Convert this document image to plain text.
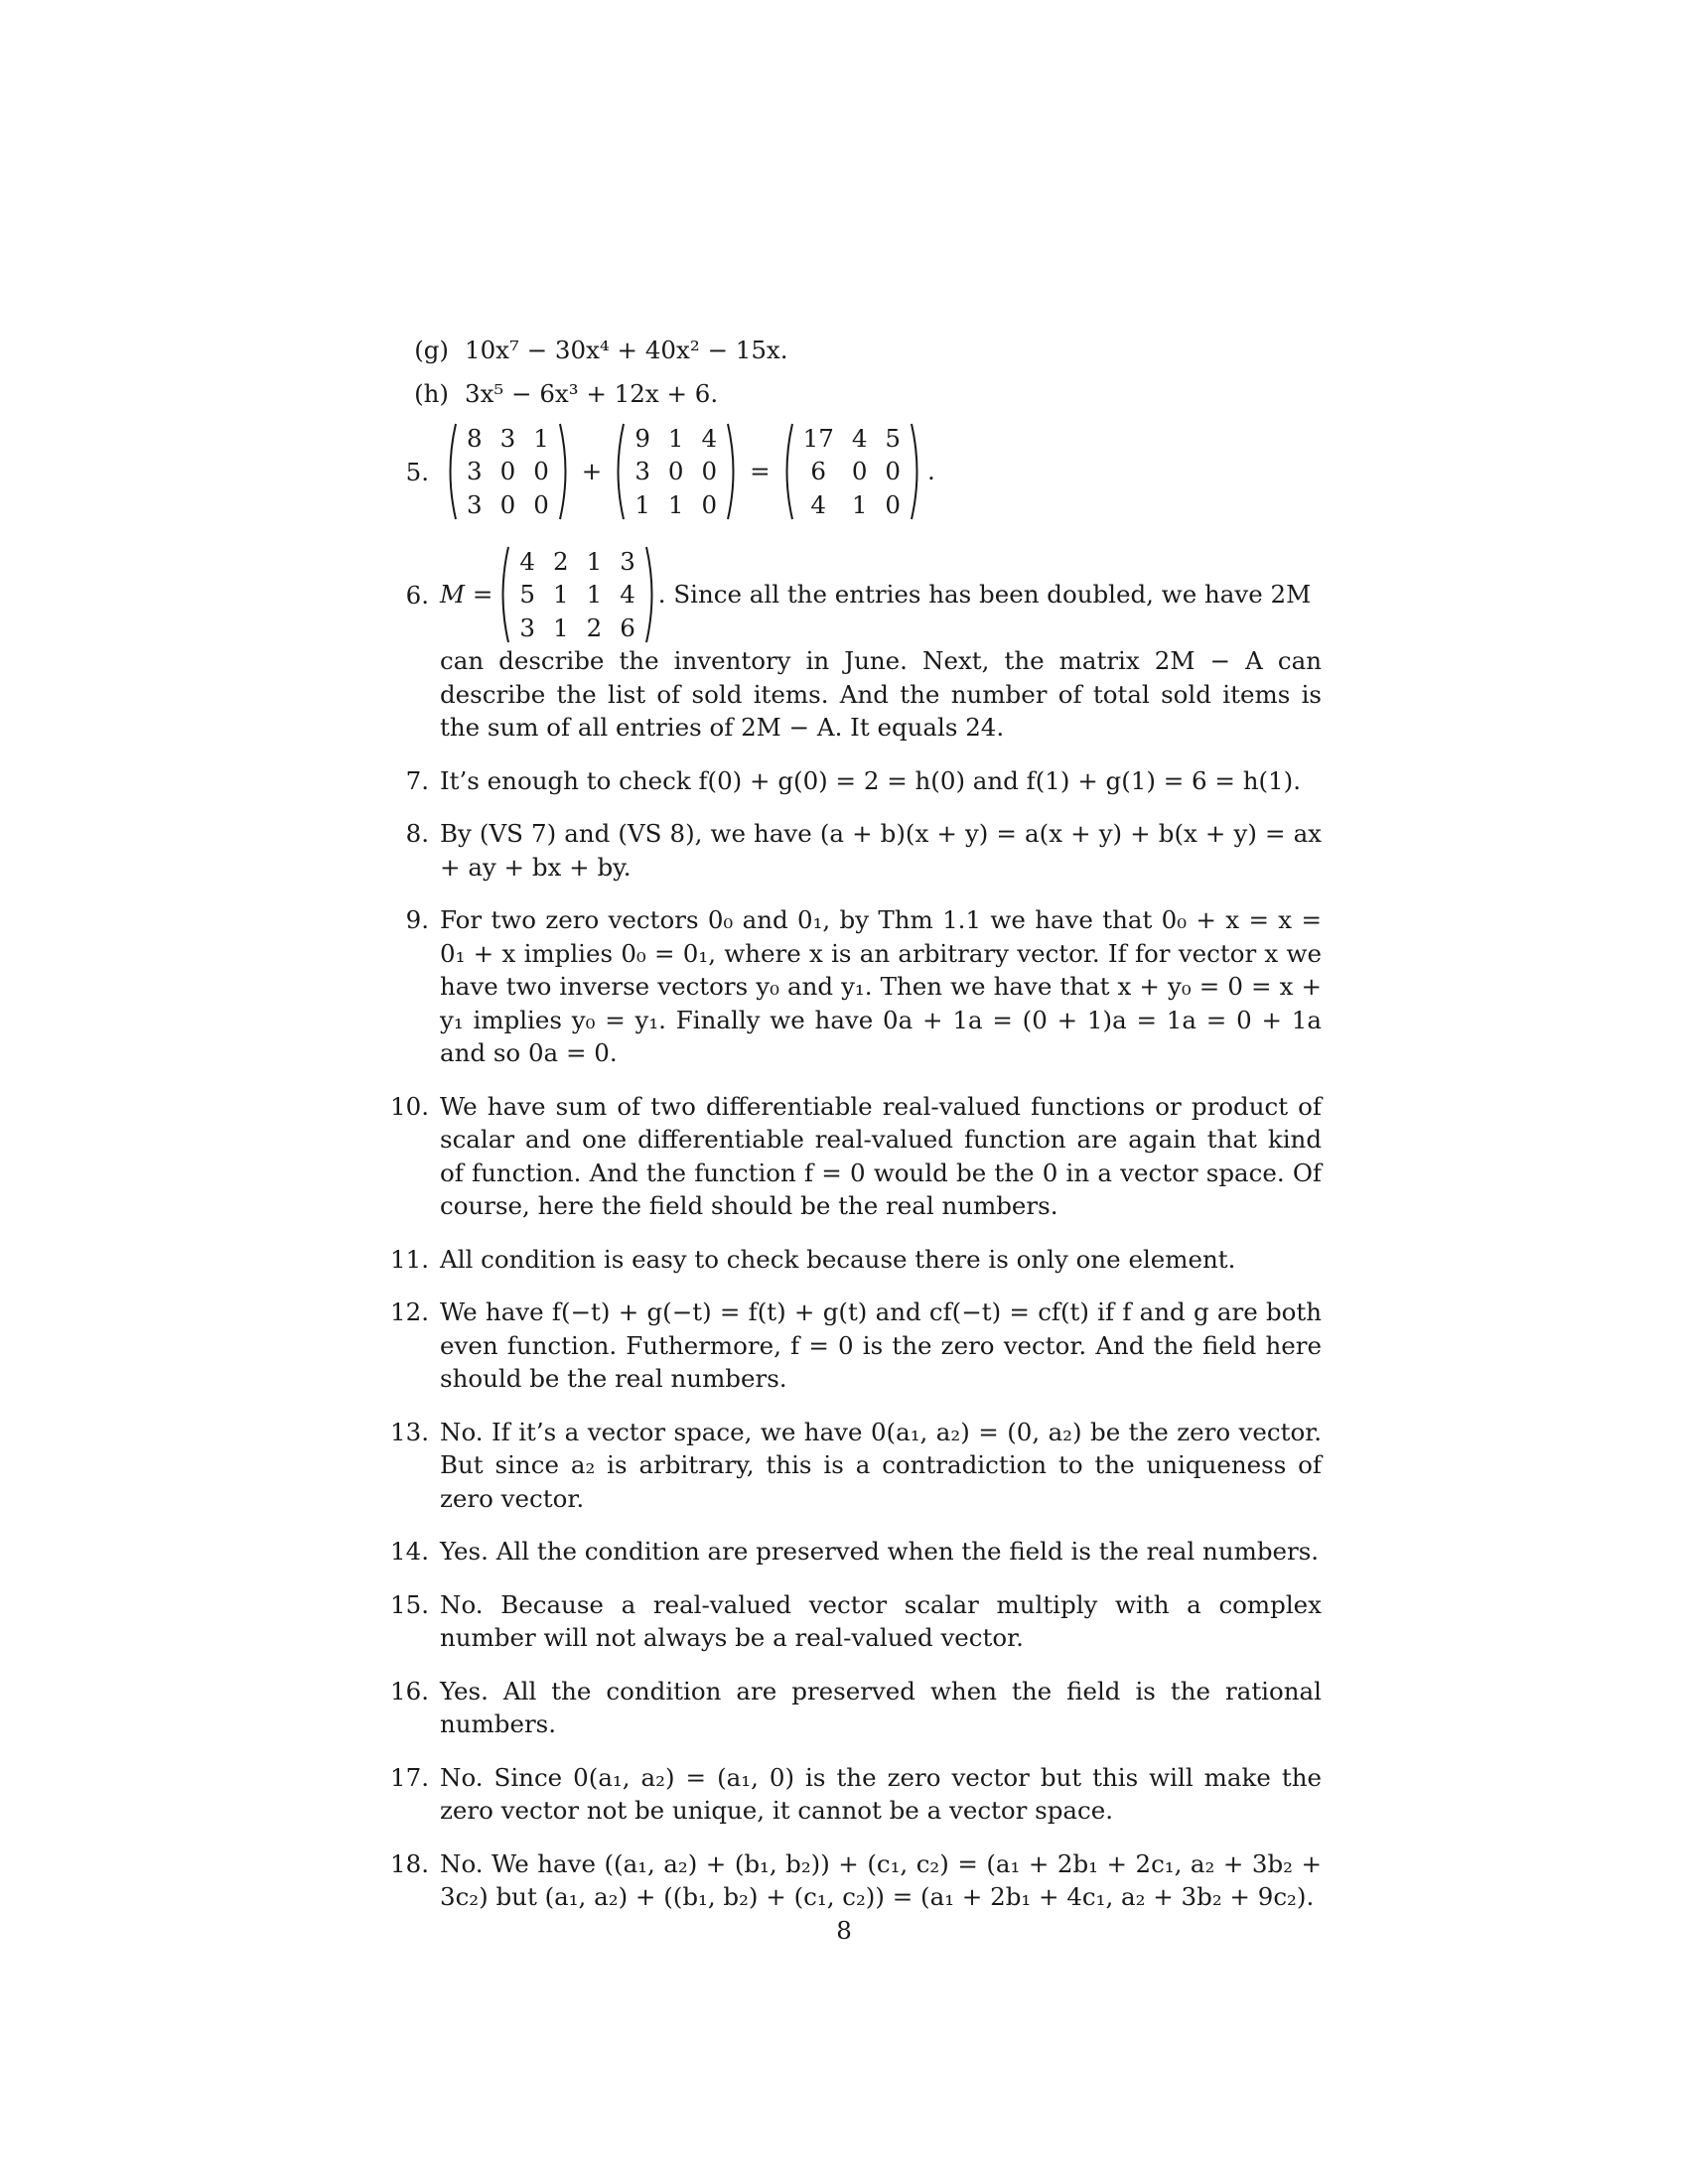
(g) 10x⁷ − 30x⁴ + 40x² − 15x.
(h) 3x⁵ − 6x³ + 12x + 6.
5.
8	3	1
3	0	0
3	0	0
+
9	1	4
3	0	0
1	1	0
=
17	4	5
6	0	0
4	1	0
.
6. M =
4	2	1	3
5	1	1	4
3	1	2	6
. Since all the entries has been doubled, we have 2M
can describe the inventory in June. Next, the matrix 2M − A can describe the list of sold items. And the number of total sold items is the sum of all entries of 2M − A. It equals 24.
7. It’s enough to check f(0) + g(0) = 2 = h(0) and f(1) + g(1) = 6 = h(1).
8. By (VS 7) and (VS 8), we have (a + b)(x + y) = a(x + y) + b(x + y) = ax + ay + bx + by.
9. For two zero vectors 0₀ and 0₁, by Thm 1.1 we have that 0₀ + x = x = 0₁ + x implies 0₀ = 0₁, where x is an arbitrary vector. If for vector x we have two inverse vectors y₀ and y₁. Then we have that x + y₀ = 0 = x + y₁ implies y₀ = y₁. Finally we have 0a + 1a = (0 + 1)a = 1a = 0 + 1a and so 0a = 0.
10. We have sum of two differentiable real-valued functions or product of scalar and one differentiable real-valued function are again that kind of function. And the function f = 0 would be the 0 in a vector space. Of course, here the field should be the real numbers.
11. All condition is easy to check because there is only one element.
12. We have f(−t) + g(−t) = f(t) + g(t) and cf(−t) = cf(t) if f and g are both even function. Futhermore, f = 0 is the zero vector. And the field here should be the real numbers.
13. No. If it’s a vector space, we have 0(a₁, a₂) = (0, a₂) be the zero vector. But since a₂ is arbitrary, this is a contradiction to the uniqueness of zero vector.
14. Yes. All the condition are preserved when the field is the real numbers.
15. No. Because a real-valued vector scalar multiply with a complex number will not always be a real-valued vector.
16. Yes. All the condition are preserved when the field is the rational numbers.
17. No. Since 0(a₁, a₂) = (a₁, 0) is the zero vector but this will make the zero vector not be unique, it cannot be a vector space.
18. No. We have ((a₁, a₂) + (b₁, b₂)) + (c₁, c₂) = (a₁ + 2b₁ + 2c₁, a₂ + 3b₂ + 3c₂) but (a₁, a₂) + ((b₁, b₂) + (c₁, c₂)) = (a₁ + 2b₁ + 4c₁, a₂ + 3b₂ + 9c₂).
8
